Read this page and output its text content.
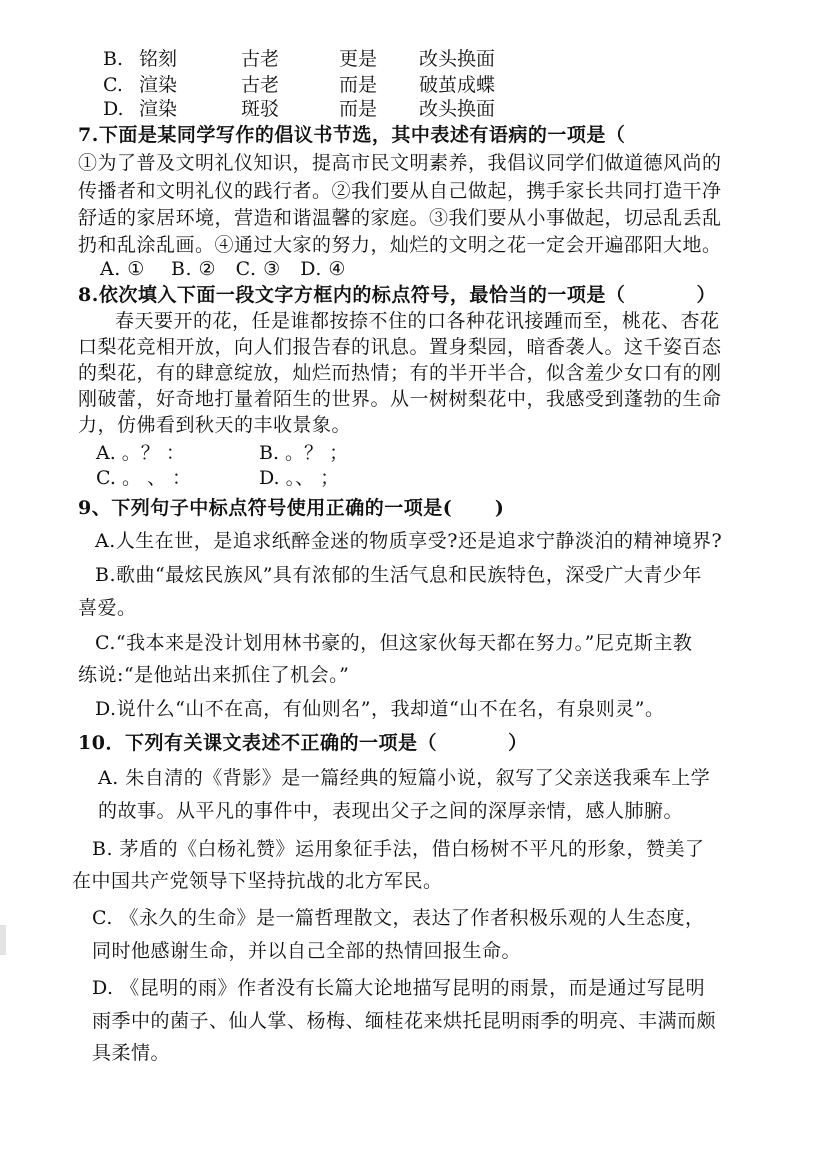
B. 铭刻	古老	更是 改头换面
C. 渲染	古老	而是 破茧成蝶
D. 渲染	斑驳	而是 改头换面
7.下面是某同学写作的倡议书节选，其中表述有语病的一项是（
①为了普及文明礼仪知识，提高市民文明素养，我倡议同学们做道德风尚的
传播者和文明礼仪的践行者。②我们要从自己做起，携手家长共同打造干净
舒适的家居环境，营造和谐温馨的家庭。③我们要从小事做起，切忌乱丢乱
扔和乱涂乱画。④通过大家的努力，灿烂的文明之花一定会开遍邵阳大地。
A. ①    B. ②   C. ③   D. ④
8.依次填入下面一段文字方框内的标点符号，最恰当的一项是（          ）
春天要开的花，任是谁都按捺不住的口各种花讯接踵而至，桃花、杏花
口梨花竞相开放，向人们报告春的讯息。置身梨园，暗香袭人。这千姿百态
的梨花，有的肆意绽放，灿烂而热情；有的半开半合，似含羞少女口有的刚
刚破蕾，好奇地打量着陌生的世界。从一树树梨花中，我感受到蓬勃的生命
力，仿佛看到秋天的丰收景象。
A. 。？ ：	B. 。？ ；
C. 。 、 ：	D. 。、 ；
9、下列句子中标点符号使用正确的一项是(      )
A.人生在世，是追求纸醉金迷的物质享受?还是追求宁静淡泊的精神境界?
B.歌曲“最炫民族风”具有浓郁的生活气息和民族特色，深受广大青少年
喜爱。
C.“我本来是没计划用林书豪的，但这家伙每天都在努力。”尼克斯主教
练说:“是他站出来抓住了机会。”
D.说什么“山不在高，有仙则名”，我却道“山不在名，有泉则灵”。
10．下列有关课文表述不正确的一项是（          ）
A. 朱自清的《背影》是一篇经典的短篇小说，叙写了父亲送我乘车上学
的故事。从平凡的事件中，表现出父子之间的深厚亲情，感人肺腑。
B. 茅盾的《白杨礼赞》运用象征手法，借白杨树不平凡的形象，赞美了
在中国共产党领导下坚持抗战的北方军民。
C. 《永久的生命》是一篇哲理散文，表达了作者积极乐观的人生态度，
同时他感谢生命，并以自己全部的热情回报生命。
D. 《昆明的雨》作者没有长篇大论地描写昆明的雨景，而是通过写昆明
雨季中的菌子、仙人掌、杨梅、缅桂花来烘托昆明雨季的明亮、丰满而颇
具柔情。
